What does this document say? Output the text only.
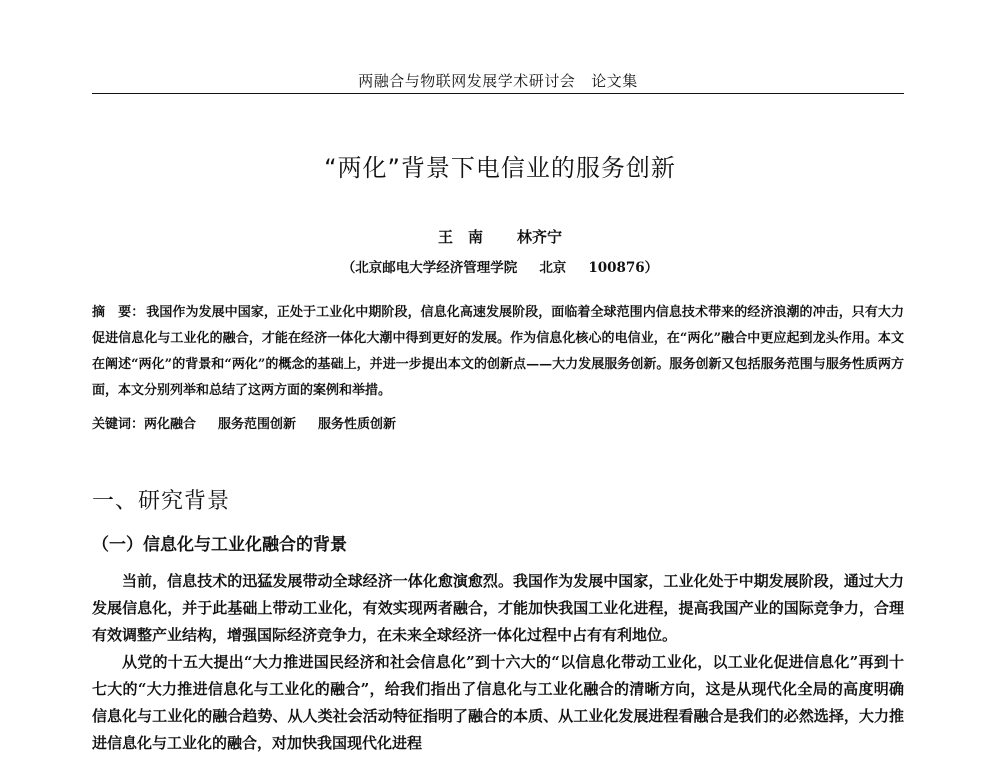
两融合与物联网发展学术研讨会 论文集
“两化”背景下电信业的服务创新
王　南 林齐宁
（北京邮电大学经济管理学院 北京 100876）

摘　要： 我国作为发展中国家，正处于工业化中期阶段，信息化高速发展阶段，面临着全球范围内信息技术带来的经济浪潮的冲击，只有大力促进信息化与工业化的融合，才能在经济一体化大潮中得到更好的发展。作为信息化核心的电信业，在“两化”融合中更应起到龙头作用。本文在阐述“两化”的背景和“两化”的概念的基础上，并进一步提出本文的创新点——大力发展服务创新。服务创新又包括服务范围与服务性质两方面，本文分别列举和总结了这两方面的案例和举措。

关键词：两化融合 服务范围创新 服务性质创新
一、研究背景
（一）信息化与工业化融合的背景

当前，信息技术的迅猛发展带动全球经济一体化愈演愈烈。我国作为发展中国家，工业化处于中期发展阶段，通过大力发展信息化，并于此基础上带动工业化，有效实现两者融合，才能加快我国工业化进程，提高我国产业的国际竞争力，合理有效调整产业结构，增强国际经济竞争力，在未来全球经济一体化过程中占有有利地位。

从党的十五大提出“大力推进国民经济和社会信息化”到十六大的“以信息化带动工业化，以工业化促进信息化”再到十七大的“大力推进信息化与工业化的融合”，给我们指出了信息化与工业化融合的清晰方向，这是从现代化全局的高度明确信息化与工业化的融合趋势、从人类社会活动特征指明了融合的本质、从工业化发展进程看融合是我们的必然选择，大力推进信息化与工业化的融合，对加快我国现代化进程
